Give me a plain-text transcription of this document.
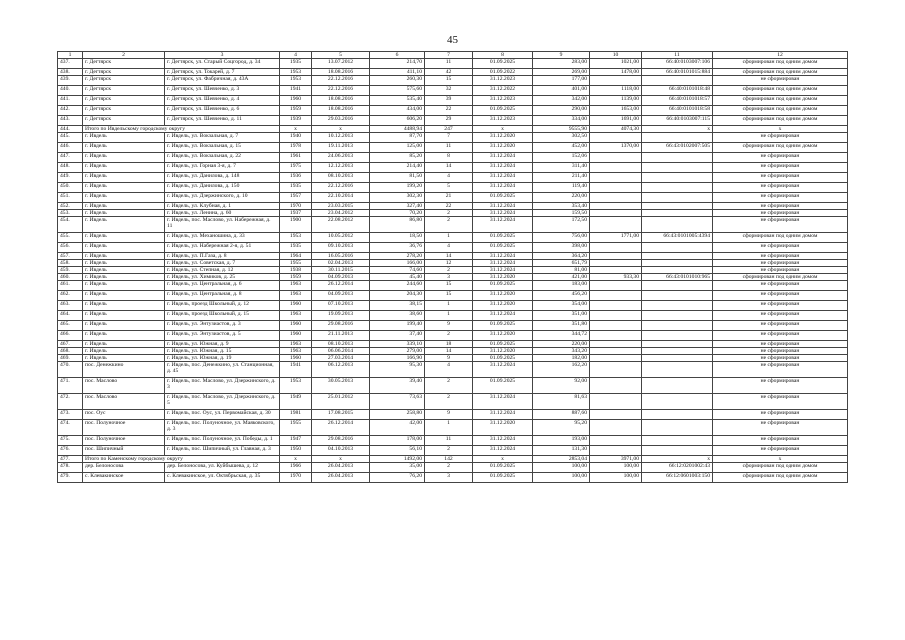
45
1	2	3	4	5	6	7	8	9	10	11	12
437.	г. Дегтярск	г. Дегтярск, ул. Старый Соцгород, д. 34	1935	13.07.2012	214,70	11	01.09.2025	283,00	1021,00	66:40:0103007:106	сформирован под одним домом
438.	г. Дегтярск	г. Дегтярск, ул. Токарей, д. 7	1953	18.08.2016	411,10	42	01.09.2022	269,00	1478,00	66:40:0101015:884	сформирован под одним домом
439.	г. Дегтярск	г. Дегтярск, ул. Фабричная, д. 43А	1953	22.12.2016	260,30	15	31.12.2023	177,00			не сформирован
440.	г. Дегтярск	г. Дегтярск, ул. Шевченко, д. 3	1941	22.12.2016	575,60	32	31.12.2022	401,00	1118,00	66:40:0101018:48	сформирован под одним домом
441.	г. Дегтярск	г. Дегтярск, ул. Шевченко, д. 4	1960	18.08.2016	535,40	39	31.12.2023	342,00	1139,00	66:40:0101018:57	сформирован под одним домом
442.	г. Дегтярск	г. Дегтярск, ул. Шевченко, д. 6	1959	18.08.2016	434,00	22	01.09.2025	290,00	1653,00	66:40:0101018:58	сформирован под одним домом
443.	г. Дегтярск	г. Дегтярск, ул. Шевченко, д. 11	1939	29.03.2016	606,20	29	31.12.2023	334,00	1691,00	66:40:0103007:115	сформирован под одним домом
444.	Итого по Ивдельскому городскому округу		x	x	4488,94	247	x	9555,90	4074,30	x	x
445.	г. Ивдель	г. Ивдель, ул. Вокзальная, д. 7	1940	10.12.2013	87,70	7	31.12.2020	302,50			не сформирован
446.	г. Ивдель	г. Ивдель, ул. Вокзальная, д. 15	1978	19.11.2013	125,00	11	31.12.2020	452,00	1370,00	66:43:0102007:505	сформирован под одним домом
447.	г. Ивдель	г. Ивдель, ул. Вокзальная, д. 22	1961	24.06.2013	85,20	8	31.12.2024	152,06			не сформирован
448.	г. Ивдель	г. Ивдель, ул. Горная 3-я, д. 7	1975	12.12.2013	214,40	14	31.12.2024	311,40			не сформирован
449.	г. Ивдель	г. Ивдель, ул. Данилова, д. 148	1936	08.10.2013	81,50	4	31.12.2024	211,40			не сформирован
450.	г. Ивдель	г. Ивдель, ул. Данилова, д. 150	1935	22.12.2016	199,20	5	31.12.2024	119,40			не сформирован
451.	г. Ивдель	г. Ивдель, ул. Дзержинского, д. 10	1957	22.10.2014	302,30	21	01.09.2025	220,00			не сформирован
452.	г. Ивдель	г. Ивдель, ул. Клубная, д. 1	1970	23.03.2015	327,40	22	31.12.2024	353,40			не сформирован
453.	г. Ивдель	г. Ивдель, ул. Ленина, д. 60	1937	23.04.2012	70,20	2	31.12.2024	159,50			не сформирован
454.	г. Ивдель	г. Ивдель, пос. Маслово, ул. Набережная, д. 11	1900	22.08.2012	86,80	2	31.12.2024	172,50			не сформирован
455.	г. Ивдель	г. Ивдель, ул. Механошина, д. 33	1953	10.05.2012	18,50	1	01.09.2025	756,00	1771,00	66:43:0101005:4394	сформирован под одним домом
456.	г. Ивдель	г. Ивдель, ул. Набережная 2-я, д. 51	1935	09.10.2013	36,76	4	01.09.2025	398,00			не сформирован
457.	г. Ивдель	г. Ивдель, ул. П.Газа, д. 8	1964	16.05.2016	278,20	14	31.12.2024	364,20			не сформирован
458.	г. Ивдель	г. Ивдель, ул. Советская, д. 7	1955	02.04.2013	166,00	12	31.12.2024	651,79			не сформирован
459.	г. Ивдель	г. Ивдель, ул. Степная, д. 12	1938	30.11.2015	74,60	2	31.12.2024	81,00			не сформирован
460.	г. Ивдель	г. Ивдель, ул. Химиков, д. 25	1959	04.09.2013	45,40	3	31.12.2020	421,00	933,30	66:43:0101010:965	сформирован под одним домом
461.	г. Ивдель	г. Ивдель, ул. Центральная, д. 6	1963	26.12.2014	244,60	15	01.09.2025	183,00			не сформирован
462.	г. Ивдель	г. Ивдель, ул. Центральная, д. 8	1963	04.09.2013	204,30	15	31.12.2020	456,20			не сформирован
463.	г. Ивдель	г. Ивдель, проезд Школьный, д. 12	1960	07.10.2013	38,15	1	31.12.2020	354,00			не сформирован
464.	г. Ивдель	г. Ивдель, проезд Школьный, д. 15	1963	19.09.2013	38,60	1	31.12.2024	351,00			не сформирован
465.	г. Ивдель	г. Ивдель, ул. Энтузиастов, д. 3	1960	29.08.2016	199,40	9	01.09.2025	351,80			не сформирован
466.	г. Ивдель	г. Ивдель, ул. Энтузиастов, д. 5	1960	21.11.2013	37,40	2	31.12.2020	344,72			не сформирован
467.	г. Ивдель	г. Ивдель, ул. Южная, д. 9	1963	08.10.2013	339,10	18	01.09.2025	220,00			не сформирован
468.	г. Ивдель	г. Ивдель, ул. Южная, д. 15	1963	06.06.2014	279,00	14	31.12.2020	343,20			не сформирован
469.	г. Ивдель	г. Ивдель, ул. Южная, д. 19	1960	27.03.2014	166,90	9	01.09.2025	182,00			не сформирован
470.	пос. Денежкино	г. Ивдель, пос. Денежкино, ул. Станционная, д. 45	1941	06.12.2013	95,30	4	31.12.2024	162,20			не сформирован
471.	пос. Маслово	г. Ивдель, пос. Маслово, ул. Дзержинского, д. 3	1953	30.05.2013	39,40	2	01.09.2025	92,00			не сформирован
472.	пос. Маслово	г. Ивдель, пос. Маслово, ул. Дзержинского, д. 5	1949	25.01.2012	73,63	2	31.12.2024	81,63			не сформирован
473.	пос. Оус	г. Ивдель, пос. Оус, ул. Первомайская, д. 30	1981	17.08.2015	258,80	9	31.12.2024	887,60			не сформирован
474.	пос. Полуночное	г. Ивдель, пос. Полуночное, ул. Маяковского, д. 3	1955	26.12.2014	42,00	1	31.12.2020	95,20			не сформирован
475.	пос. Полуночное	г. Ивдель, пос. Полуночное, ул. Победы, д. 1	1947	29.08.2016	178,00	11	31.12.2024	193,00			не сформирован
476.	пос. Шипичный	г. Ивдель, пос. Шипичный, ул. Главная, д. 3	1950	04.10.2013	56,10	2	31.12.2024	131,30			не сформирован
477.	Итого по Каменскому городскому округу		x	x	1492,00	142	x	2853,04	3971,00	x	x
478.	дер. Белоносова	дер. Белоносова, ул. Куйбышева, д. 12	1966	26.04.2013	35,00	2	01.09.2025	100,00	100,00	66:12:0201002:43	сформирован под одним домом
479.	с. Клевакинское	с. Клевакинское, ул. Октябрьская, д. 35	1970	26.04.2013	76,20	3	01.09.2025	100,00	100,00	66:12:0601003:150	сформирован под одним домом
